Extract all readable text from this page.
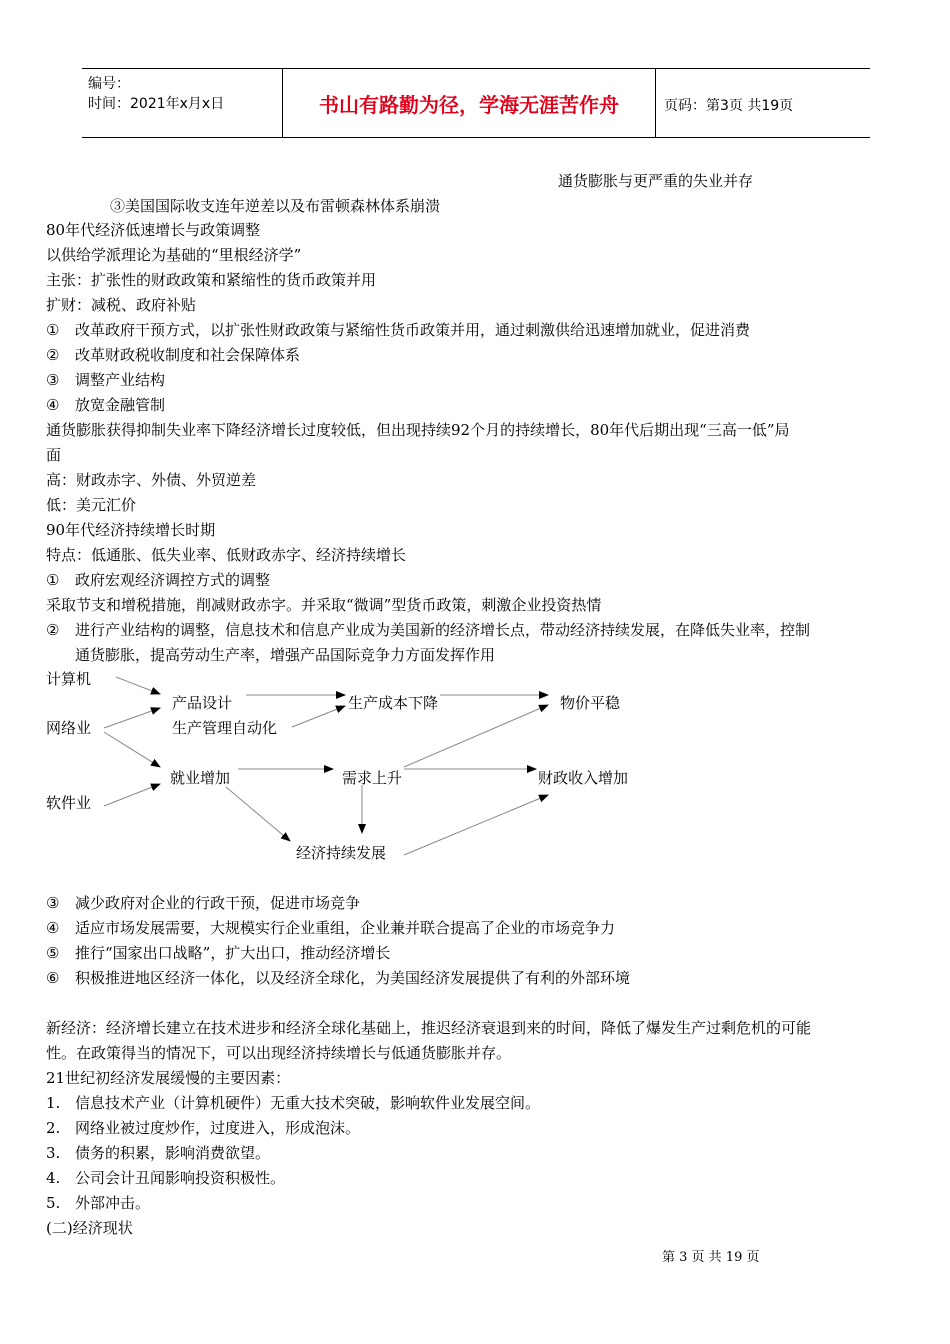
编号：
时间：2021年x月x日	书山有路勤为径，学海无涯苦作舟	页码：第3页 共19页
通货膨胀与更严重的失业并存
③美国国际收支连年逆差以及布雷顿森林体系崩溃
80年代经济低速增长与政策调整
以供给学派理论为基础的“里根经济学”
主张：扩张性的财政政策和紧缩性的货币政策并用
扩财：减税、政府补贴
① 改革政府干预方式，以扩张性财政政策与紧缩性货币政策并用，通过刺激供给迅速增加就业，促进消费
② 改革财政税收制度和社会保障体系
③ 调整产业结构
④ 放宽金融管制
通货膨胀获得抑制失业率下降经济增长过度较低，但出现持续92个月的持续增长，80年代后期出现“三高一低”局
面
高：财政赤字、外债、外贸逆差
低：美元汇价
90年代经济持续增长时期
特点：低通胀、低失业率、低财政赤字、经济持续增长
① 政府宏观经济调控方式的调整
采取节支和增税措施，削减财政赤字。并采取“微调”型货币政策，刺激企业投资热情
② 进行产业结构的调整，信息技术和信息产业成为美国新的经济增长点，带动经济持续发展，在降低失业率，控制
通货膨胀，提高劳动生产率，增强产品国际竞争力方面发挥作用
计算机
网络业
软件业
产品设计
生产管理自动化
生产成本下降	物价平稳
就业增加	需求上升	财政收入增加
经济持续发展
③ 减少政府对企业的行政干预，促进市场竞争
④ 适应市场发展需要，大规模实行企业重组，企业兼并联合提高了企业的市场竞争力
⑤ 推行“国家出口战略”，扩大出口，推动经济增长
⑥ 积极推进地区经济一体化，以及经济全球化，为美国经济发展提供了有利的外部环境
新经济：经济增长建立在技术进步和经济全球化基础上，推迟经济衰退到来的时间，降低了爆发生产过剩危机的可能
性。在政策得当的情况下，可以出现经济持续增长与低通货膨胀并存。
21世纪初经济发展缓慢的主要因素：
1. 信息技术产业（计算机硬件）无重大技术突破，影响软件业发展空间。
2. 网络业被过度炒作，过度进入，形成泡沫。
3. 债务的积累，影响消费欲望。
4. 公司会计丑闻影响投资积极性。
5. 外部冲击。
(二)经济现状
第 3 页 共 19 页
